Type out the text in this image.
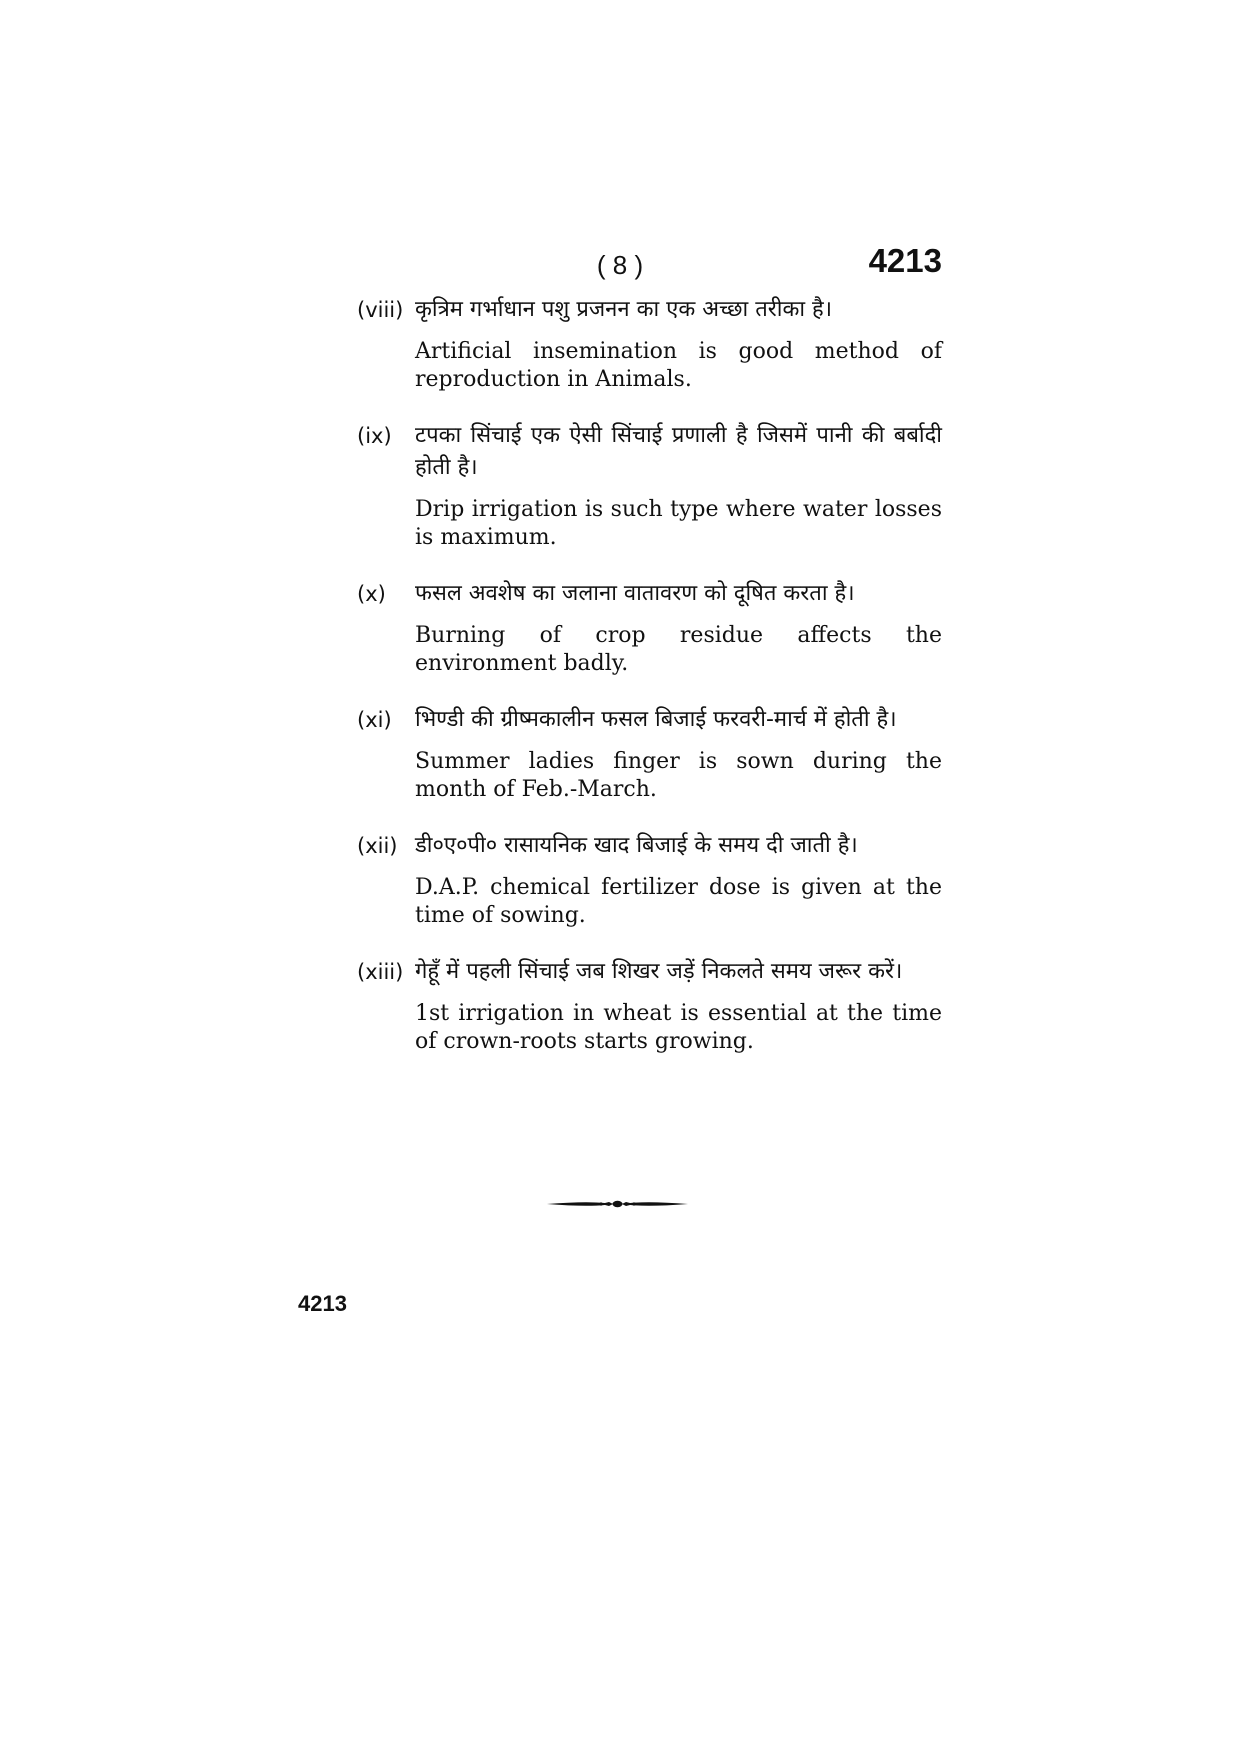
( 8 )	4213
(viii) कृत्रिम गर्भाधान पशु प्रजनन का एक अच्छा तरीका है।
Artificial insemination is good method of reproduction in Animals.
(ix) टपका सिंचाई एक ऐसी सिंचाई प्रणाली है जिसमें पानी की बर्बादी होती है।
Drip irrigation is such type where water losses is maximum.
(x) फसल अवशेष का जलाना वातावरण को दूषित करता है।
Burning of crop residue affects the environment badly.
(xi) भिण्डी की ग्रीष्मकालीन फसल बिजाई फरवरी-मार्च में होती है।
Summer ladies finger is sown during the month of Feb.-March.
(xii) डी०ए०पी० रासायनिक खाद बिजाई के समय दी जाती है।
D.A.P. chemical fertilizer dose is given at the time of sowing.
(xiii) गेहूँ में पहली सिंचाई जब शिखर जड़ें निकलते समय जरूर करें।
1st irrigation in wheat is essential at the time of crown-roots starts growing.
4213
